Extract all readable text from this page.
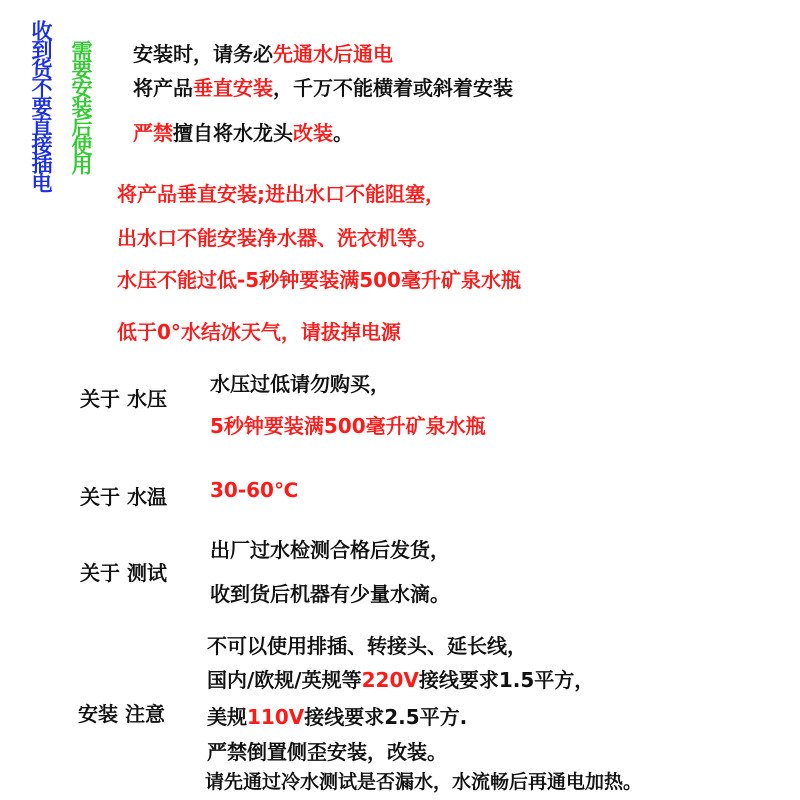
收到货不要直接插电 需要安装后使用 安装时，请务必先通水后通电
将产品垂直安装，千万不能横着或斜着安装
严禁擅自将水龙头改装。
将产品垂直安装;进出水口不能阻塞，
出水口不能安装净水器、洗衣机等。
水压不能过低-5秒钟要装满500毫升矿泉水瓶
低于0°水结冰天气，请拔掉电源
关于 水压
水压过低请勿购买，
5秒钟要装满500毫升矿泉水瓶
关于 水温 30-60℃
关于 测试
出厂过水检测合格后发货，
收到货后机器有少量水滴。
安装 注意
不可以使用排插、转接头、延长线，
国内/欧规/英规等220V接线要求1.5平方，
美规110V接线要求2.5平方.
严禁倒置侧歪安装，改装。
请先通过冷水测试是否漏水，水流畅后再通电加热。
